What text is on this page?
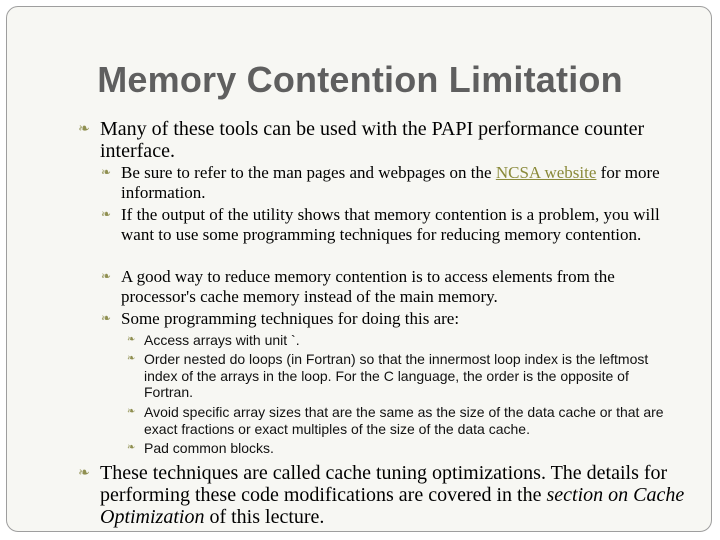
Memory Contention Limitation
❧ Many of these tools can be used with the PAPI performance counter interface.
❧ Be sure to refer to the man pages and webpages on the NCSA website for more information.
❧ If the output of the utility shows that memory contention is a problem, you will want to use some programming techniques for reducing memory contention.
❧ A good way to reduce memory contention is to access elements from the processor's cache memory instead of the main memory.
❧ Some programming techniques for doing this are:
❧ Access arrays with unit `.
❧ Order nested do loops (in Fortran) so that the innermost loop index is the leftmost index of the arrays in the loop. For the C language, the order is the opposite of Fortran.
❧ Avoid specific array sizes that are the same as the size of the data cache or that are exact fractions or exact multiples of the size of the data cache.
❧ Pad common blocks.
❧ These techniques are called cache tuning optimizations. The details for performing these code modifications are covered in the section on Cache Optimization of this lecture.
